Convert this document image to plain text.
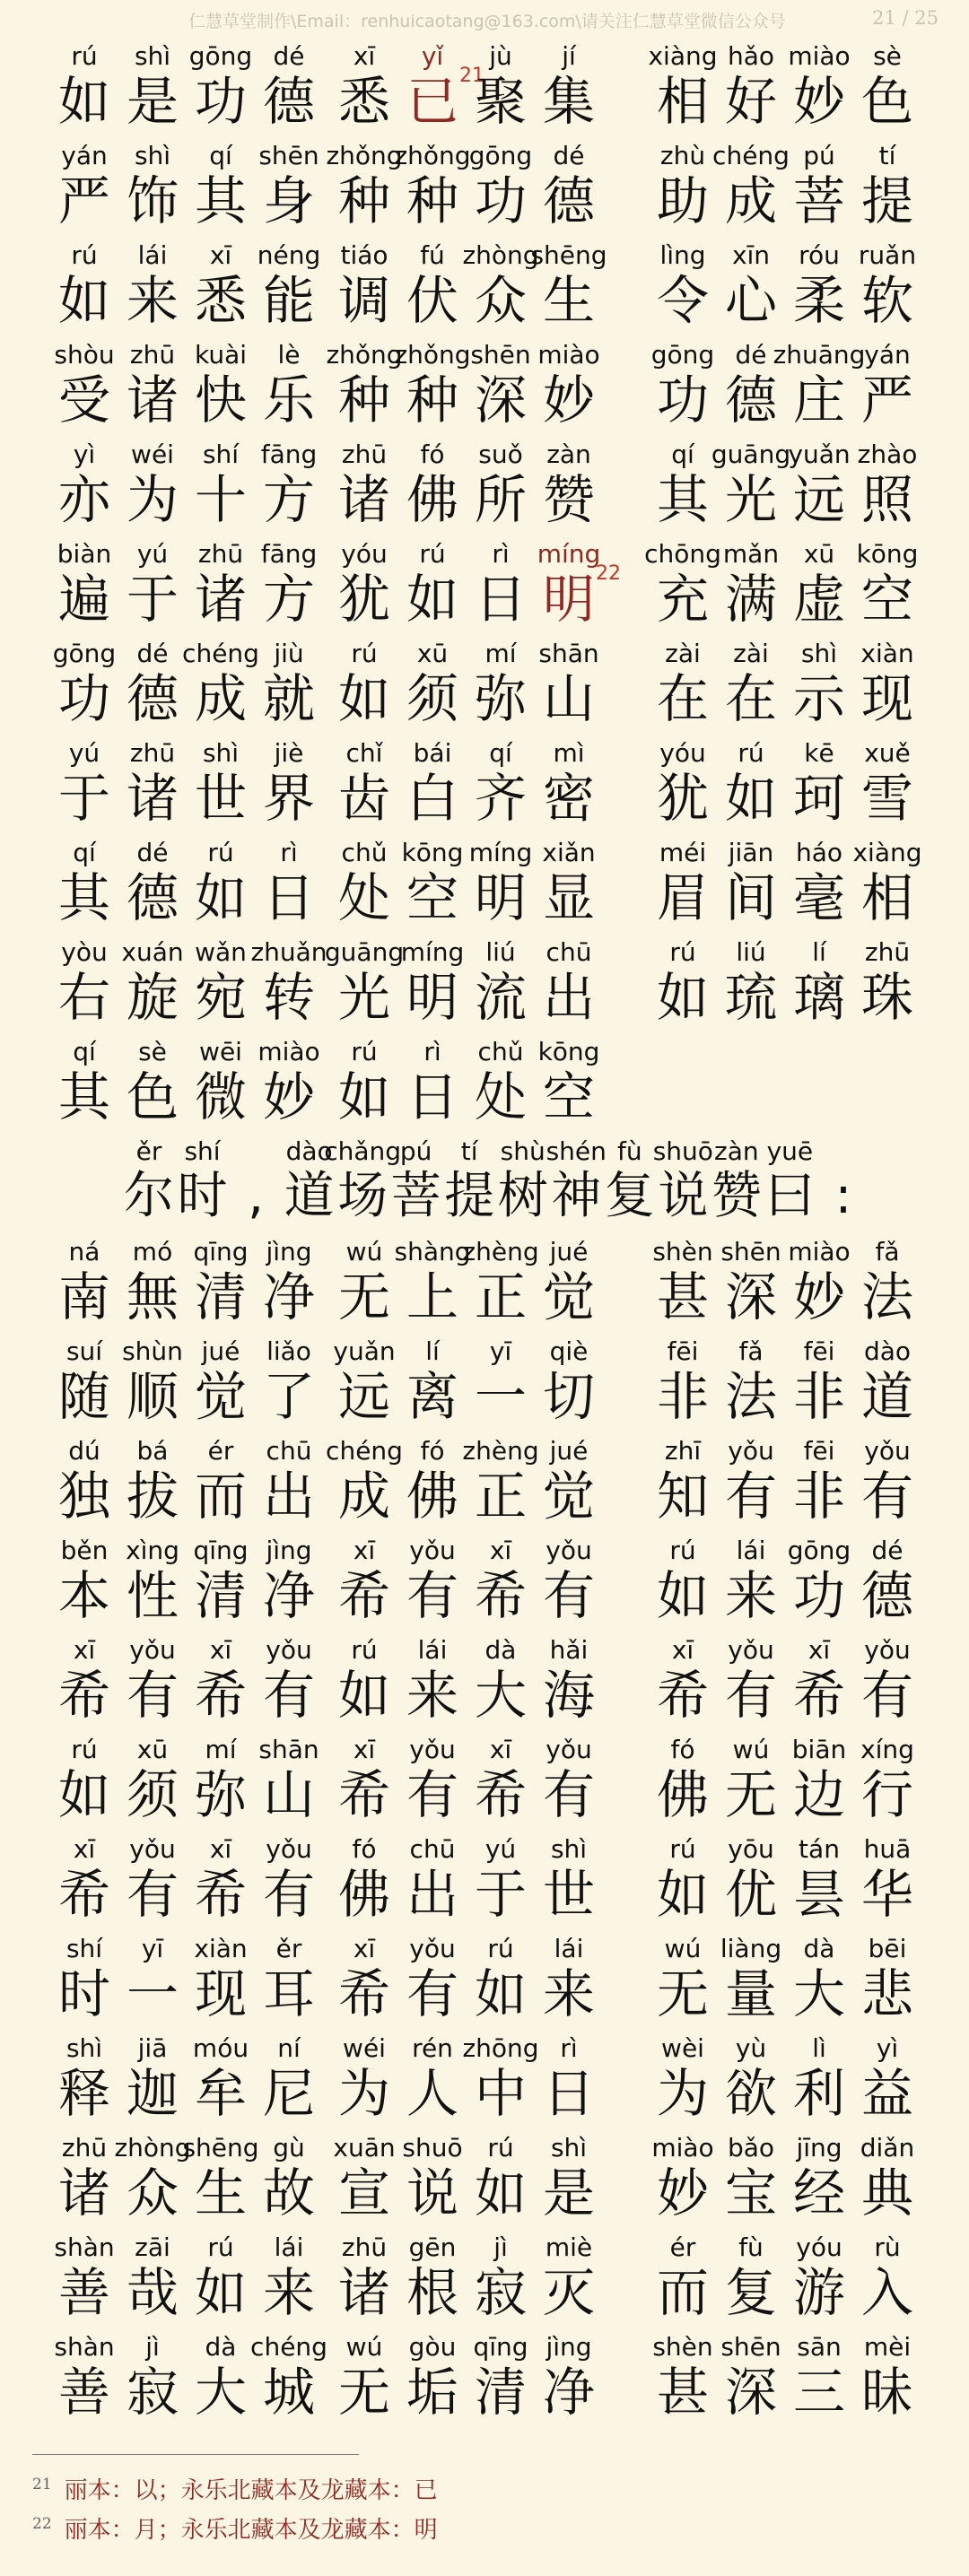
仁慧草堂制作\Email：renhuicaotang@163.com\请关注仁慧草堂微信公众号	21 / 25
rú
如
shì
是
gōng
功
dé
德
xī
悉
yǐ
已 21
jù
聚
jí
集
xiàng
相
hǎo
好
miào
妙
sè
色
yán
严
shì
饰
qí
其
shēn
身
zhǒng
种
zhǒng
种
gōng
功
dé
德
zhù
助
chéng
成
pú
菩
tí
提
rú
如
lái
来
xī
悉
néng
能
tiáo
调
fú
伏
zhòng
众
shēng
生
lìng
令
xīn
心
róu
柔
ruǎn
软
shòu
受
zhū
诸
kuài
快
lè
乐
zhǒng
种
zhǒng
种
shēn
深
miào
妙
gōng
功
dé
德
zhuāng
庄
yán
严
yì
亦
wéi
为
shí
十
fāng
方
zhū
诸
fó
佛
suǒ
所
zàn
赞
qí
其
guāng
光
yuǎn
远
zhào
照
biàn
遍
yú
于
zhū
诸
fāng
方
yóu
犹
rú
如
rì
日
míng
明 22
chōng
充
mǎn
满
xū
虚
kōng
空
gōng
功
dé
德
chéng
成
jiù
就
rú
如
xū
须
mí
弥
shān
山
zài
在
zài
在
shì
示
xiàn
现
yú
于
zhū
诸
shì
世
jiè
界
chǐ
齿
bái
白
qí
齐
mì
密
yóu
犹
rú
如
kē
珂
xuě
雪
qí
其
dé
德
rú
如
rì
日
chǔ
处
kōng
空
míng
明
xiǎn
显
méi
眉
jiān
间
háo
毫
xiàng
相
yòu
右
xuán
旋
wǎn
宛
zhuǎn
转
guāng
光
míng
明
liú
流
chū
出
rú
如
liú
琉
lí
璃
zhū
珠
qí
其
sè
色
wēi
微
miào
妙
rú
如
rì
日
chǔ
处
kōng
空
ěr
尔
shí
时 ,
dào
道
chǎng
场
pú
菩
tí
提
shù
树
shén
神
fù
复
shuō
说
zàn
赞
yuē
曰 :
ná
南
mó
無
qīng
清
jìng
净
wú
无
shàng
上
zhèng
正
jué
觉
shèn
甚
shēn
深
miào
妙
fǎ
法
suí
随
shùn
顺
jué
觉
liǎo
了
yuǎn
远
lí
离
yī
一
qiè
切
fēi
非
fǎ
法
fēi
非
dào
道
dú
独
bá
拔
ér
而
chū
出
chéng
成
fó
佛
zhèng
正
jué
觉
zhī
知
yǒu
有
fēi
非
yǒu
有
běn
本
xìng
性
qīng
清
jìng
净
xī
希
yǒu
有
xī
希
yǒu
有
rú
如
lái
来
gōng
功
dé
德
xī
希
yǒu
有
xī
希
yǒu
有
rú
如
lái
来
dà
大
hǎi
海
xī
希
yǒu
有
xī
希
yǒu
有
rú
如
xū
须
mí
弥
shān
山
xī
希
yǒu
有
xī
希
yǒu
有
fó
佛
wú
无
biān
边
xíng
行
xī
希
yǒu
有
xī
希
yǒu
有
fó
佛
chū
出
yú
于
shì
世
rú
如
yōu
优
tán
昙
huā
华
shí
时
yī
一
xiàn
现
ěr
耳
xī
希
yǒu
有
rú
如
lái
来
wú
无
liàng
量
dà
大
bēi
悲
shì
释
jiā
迦
móu
牟
ní
尼
wéi
为
rén
人
zhōng
中
rì
日
wèi
为
yù
欲
lì
利
yì
益
zhū
诸
zhòng
众
shēng
生
gù
故
xuān
宣
shuō
说
rú
如
shì
是
miào
妙
bǎo
宝
jīng
经
diǎn
典
shàn
善
zāi
哉
rú
如
lái
来
zhū
诸
gēn
根
jì
寂
miè
灭
ér
而
fù
复
yóu
游
rù
入
shàn
善
jì
寂
dà
大
chéng
城
wú
无
gòu
垢
qīng
清
jìng
净
shèn
甚
shēn
深
sān
三
mèi
昧
$^{21}$ 丽本：以；永乐北藏本及龙藏本：已
$^{22}$ 丽本：月；永乐北藏本及龙藏本：明
